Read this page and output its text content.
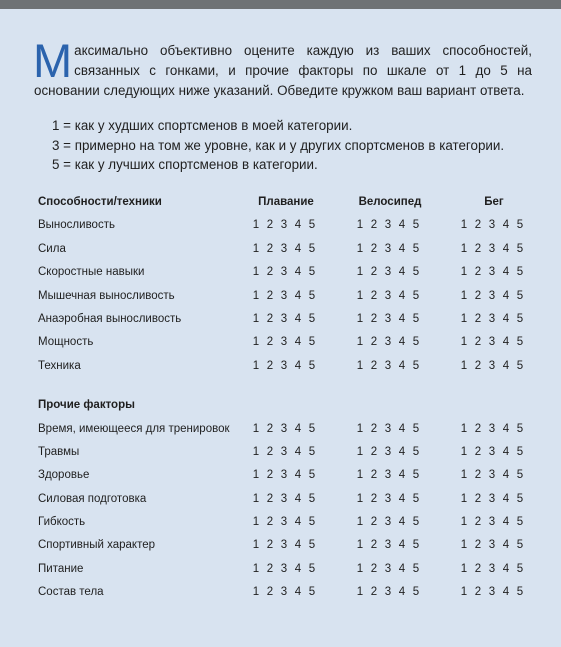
М аксимально объективно оцените каждую из ваших способностей, связанных с гонками, и прочие факторы по шкале от 1 до 5 на основании следующих ниже указаний. Обведите кружком ваш вариант ответа.

1 = как у худших спортсменов в моей категории.
3 = примерно на том же уровне, как и у других спортсменов в категории.
5 = как у лучших спортсменов в категории.
Способности/техники	Плавание	Велосипед	Бег
Выносливость	1 2 3 4 5	1 2 3 4 5	1 2 3 4 5
Сила	1 2 3 4 5	1 2 3 4 5	1 2 3 4 5
Скоростные навыки	1 2 3 4 5	1 2 3 4 5	1 2 3 4 5
Мышечная выносливость	1 2 3 4 5	1 2 3 4 5	1 2 3 4 5
Анаэробная выносливость	1 2 3 4 5	1 2 3 4 5	1 2 3 4 5
Мощность	1 2 3 4 5	1 2 3 4 5	1 2 3 4 5
Техника	1 2 3 4 5	1 2 3 4 5	1 2 3 4 5
Прочие факторы
Время, имеющееся для тренировок 1 2 3 4 5	1 2 3 4 5	1 2 3 4 5
Травмы	1 2 3 4 5	1 2 3 4 5	1 2 3 4 5
Здоровье	1 2 3 4 5	1 2 3 4 5	1 2 3 4 5
Силовая подготовка	1 2 3 4 5	1 2 3 4 5	1 2 3 4 5
Гибкость	1 2 3 4 5	1 2 3 4 5	1 2 3 4 5
Спортивный характер	1 2 3 4 5	1 2 3 4 5	1 2 3 4 5
Питание	1 2 3 4 5	1 2 3 4 5	1 2 3 4 5
Состав тела	1 2 3 4 5	1 2 3 4 5	1 2 3 4 5
